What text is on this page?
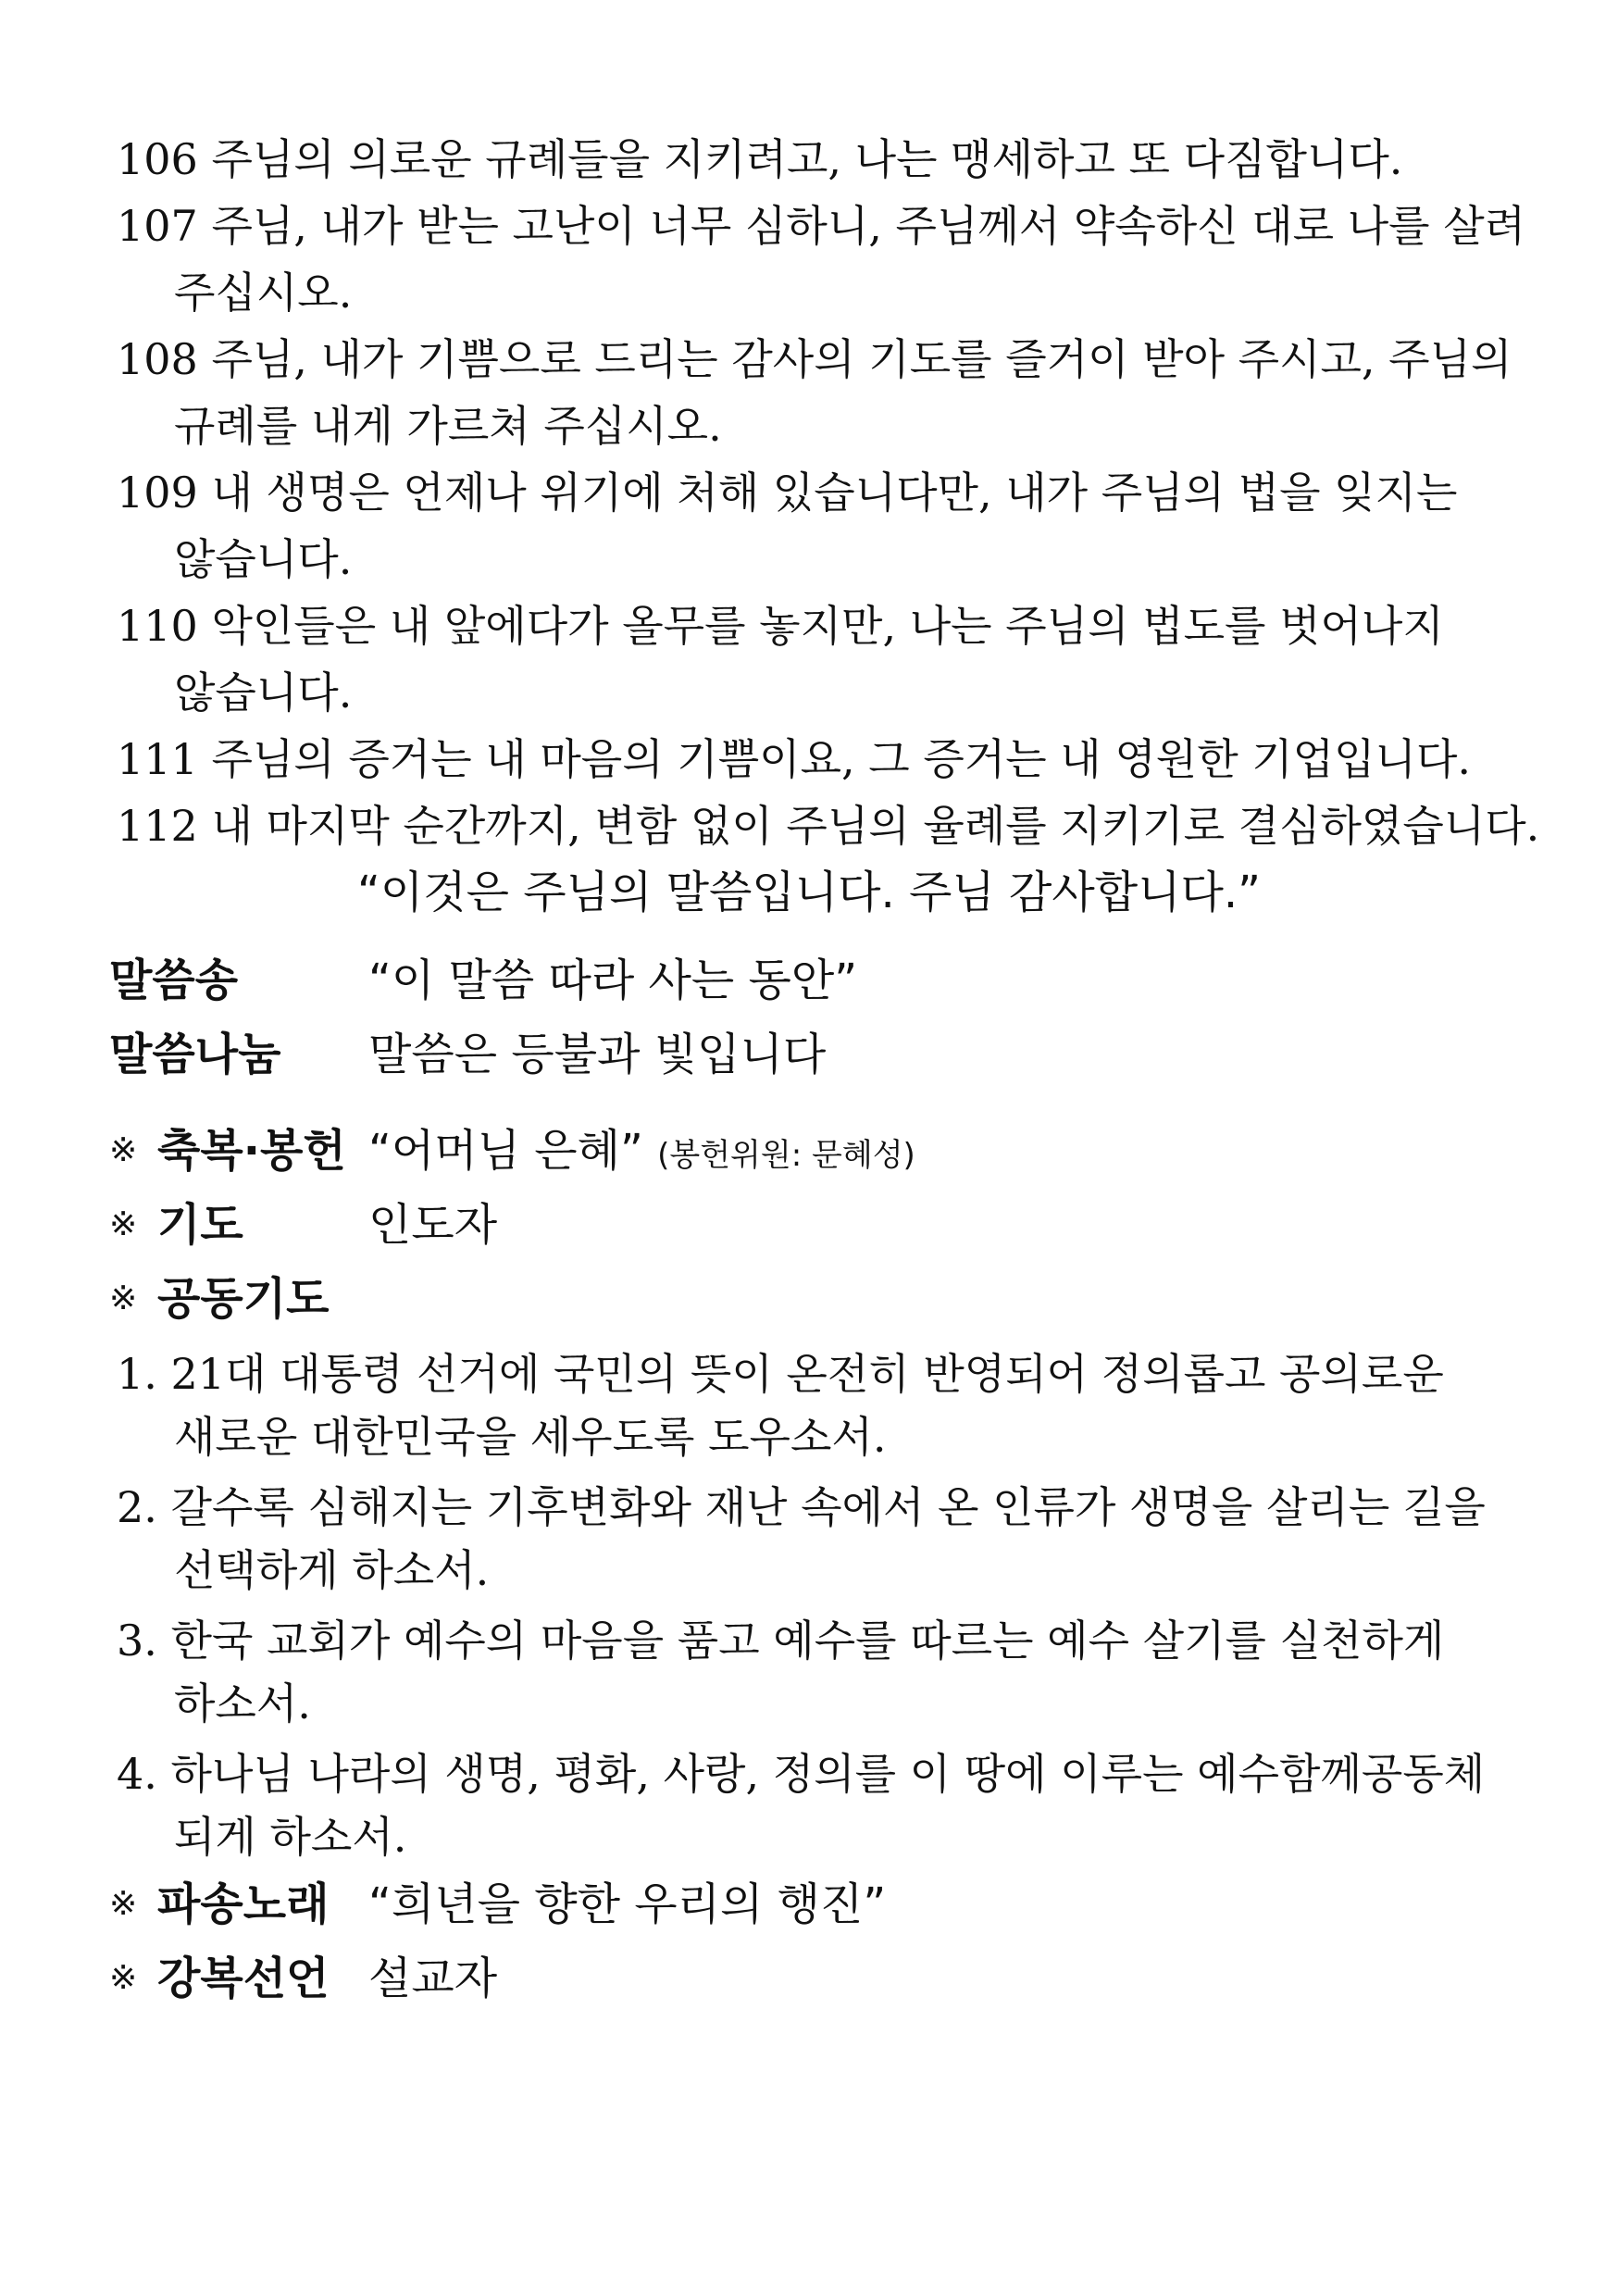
106 주님의 의로운 규례들을 지키려고, 나는 맹세하고 또 다짐합니다.
107 주님, 내가 받는 고난이 너무 심하니, 주님께서 약속하신 대로 나를 살려
주십시오.
108 주님, 내가 기쁨으로 드리는 감사의 기도를 즐거이 받아 주시고, 주님의
규례를 내게 가르쳐 주십시오.
109 내 생명은 언제나 위기에 처해 있습니다만, 내가 주님의 법을 잊지는
않습니다.
110 악인들은 내 앞에다가 올무를 놓지만, 나는 주님의 법도를 벗어나지
않습니다.
111 주님의 증거는 내 마음의 기쁨이요, 그 증거는 내 영원한 기업입니다.
112 내 마지막 순간까지, 변함 없이 주님의 율례를 지키기로 결심하였습니다.
“이것은 주님의 말씀입니다. 주님 감사합니다.”
말씀송	“이 말씀 따라 사는 동안”
말씀나눔 말씀은 등불과 빛입니다
※ 축복·봉헌 “어머님 은혜” (봉헌위원: 문혜성)
※ 기도	인도자
※ 공동기도
1. 21대 대통령 선거에 국민의 뜻이 온전히 반영되어 정의롭고 공의로운
새로운 대한민국을 세우도록 도우소서.
2. 갈수록 심해지는 기후변화와 재난 속에서 온 인류가 생명을 살리는 길을
선택하게 하소서.
3. 한국 교회가 예수의 마음을 품고 예수를 따르는 예수 살기를 실천하게
하소서.
4. 하나님 나라의 생명, 평화, 사랑, 정의를 이 땅에 이루는 예수함께공동체
되게 하소서.
※ 파송노래 “희년을 향한 우리의 행진”
※ 강복선언 설교자
